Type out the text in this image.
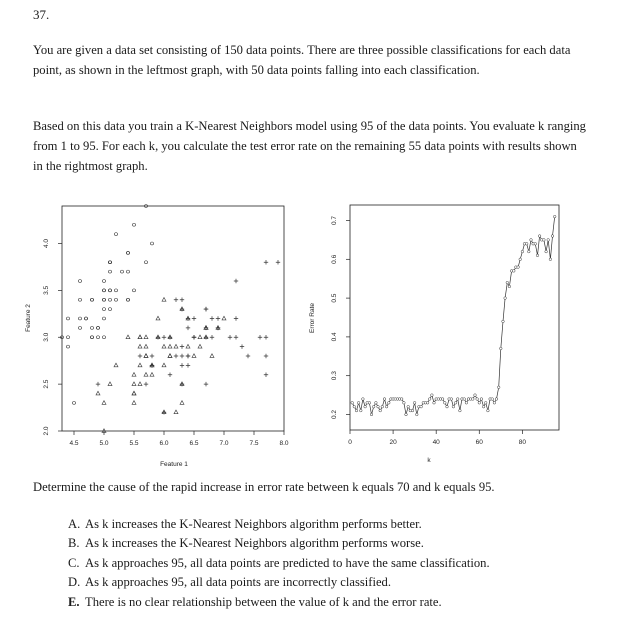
37.

You are given a data set consisting of 150 data points. There are three possible classifications for each data point, as shown in the leftmost graph, with 50 data points falling into each classification.

Based on this data you train a K-Nearest Neighbors model using 95 of the data points. You evaluate k ranging from 1 to 95. For each k, you calculate the test error rate on the remaining 55 data points with results shown in the rightmost graph.

4.5	5.0	5.5	6.0	6.5	7.0	7.5	8.0
2.0
2.5
3.0
3.5
4.0
Feature 1
Feature 2
0	20	40	60	80
0.2
0.3
0.4
0.5
0.6
0.7
k
Error Rate

Determine the cause of the rapid increase in error rate between k equals 70 and k equals 95.

A. As k increases the K-Nearest Neighbors algorithm performs better.
B. As k increases the K-Nearest Neighbors algorithm performs worse.
C. As k approaches 95, all data points are predicted to have the same classification.
D. As k approaches 95, all data points are incorrectly classified.
E. There is no clear relationship between the value of k and the error rate.
